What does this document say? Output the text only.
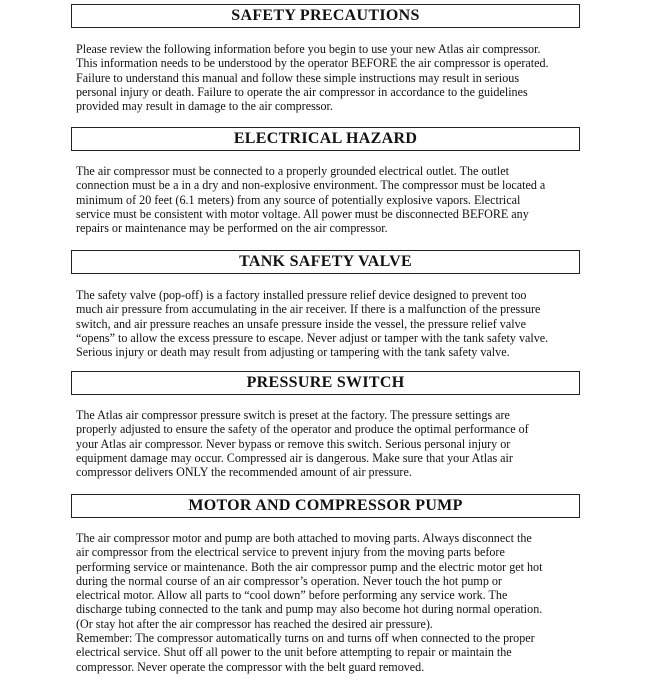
SAFETY PRECAUTIONS

Please review the following information before you begin to use your new Atlas air compressor.

This information needs to be understood by the operator BEFORE the air compressor is operated.

Failure to understand this manual and follow these simple instructions may result in serious

personal injury or death. Failure to operate the air compressor in accordance to the guidelines

provided may result in damage to the air compressor.

ELECTRICAL HAZARD

The air compressor must be connected to a properly grounded electrical outlet. The outlet

connection must be a in a dry and non-explosive environment. The compressor must be located a

minimum of 20 feet (6.1 meters) from any source of potentially explosive vapors. Electrical

service must be consistent with motor voltage. All power must be disconnected BEFORE any

repairs or maintenance may be performed on the air compressor.

TANK SAFETY VALVE

The safety valve (pop-off) is a factory installed pressure relief device designed to prevent too

much air pressure from accumulating in the air receiver. If there is a malfunction of the pressure

switch, and air pressure reaches an unsafe pressure inside the vessel, the pressure relief valve

“opens” to allow the excess pressure to escape. Never adjust or tamper with the tank safety valve.

Serious injury or death may result from adjusting or tampering with the tank safety valve.

PRESSURE SWITCH

The Atlas air compressor pressure switch is preset at the factory. The pressure settings are

properly adjusted to ensure the safety of the operator and produce the optimal performance of

your Atlas air compressor. Never bypass or remove this switch. Serious personal injury or

equipment damage may occur. Compressed air is dangerous. Make sure that your Atlas air

compressor delivers ONLY the recommended amount of air pressure.

MOTOR AND COMPRESSOR PUMP

The air compressor motor and pump are both attached to moving parts. Always disconnect the

air compressor from the electrical service to prevent injury from the moving parts before

performing service or maintenance. Both the air compressor pump and the electric motor get hot

during the normal course of an air compressor’s operation. Never touch the hot pump or

electrical motor. Allow all parts to “cool down” before performing any service work. The

discharge tubing connected to the tank and pump may also become hot during normal operation.

(Or stay hot after the air compressor has reached the desired air pressure).

Remember: The compressor automatically turns on and turns off when connected to the proper

electrical service. Shut off all power to the unit before attempting to repair or maintain the

compressor. Never operate the compressor with the belt guard removed.
